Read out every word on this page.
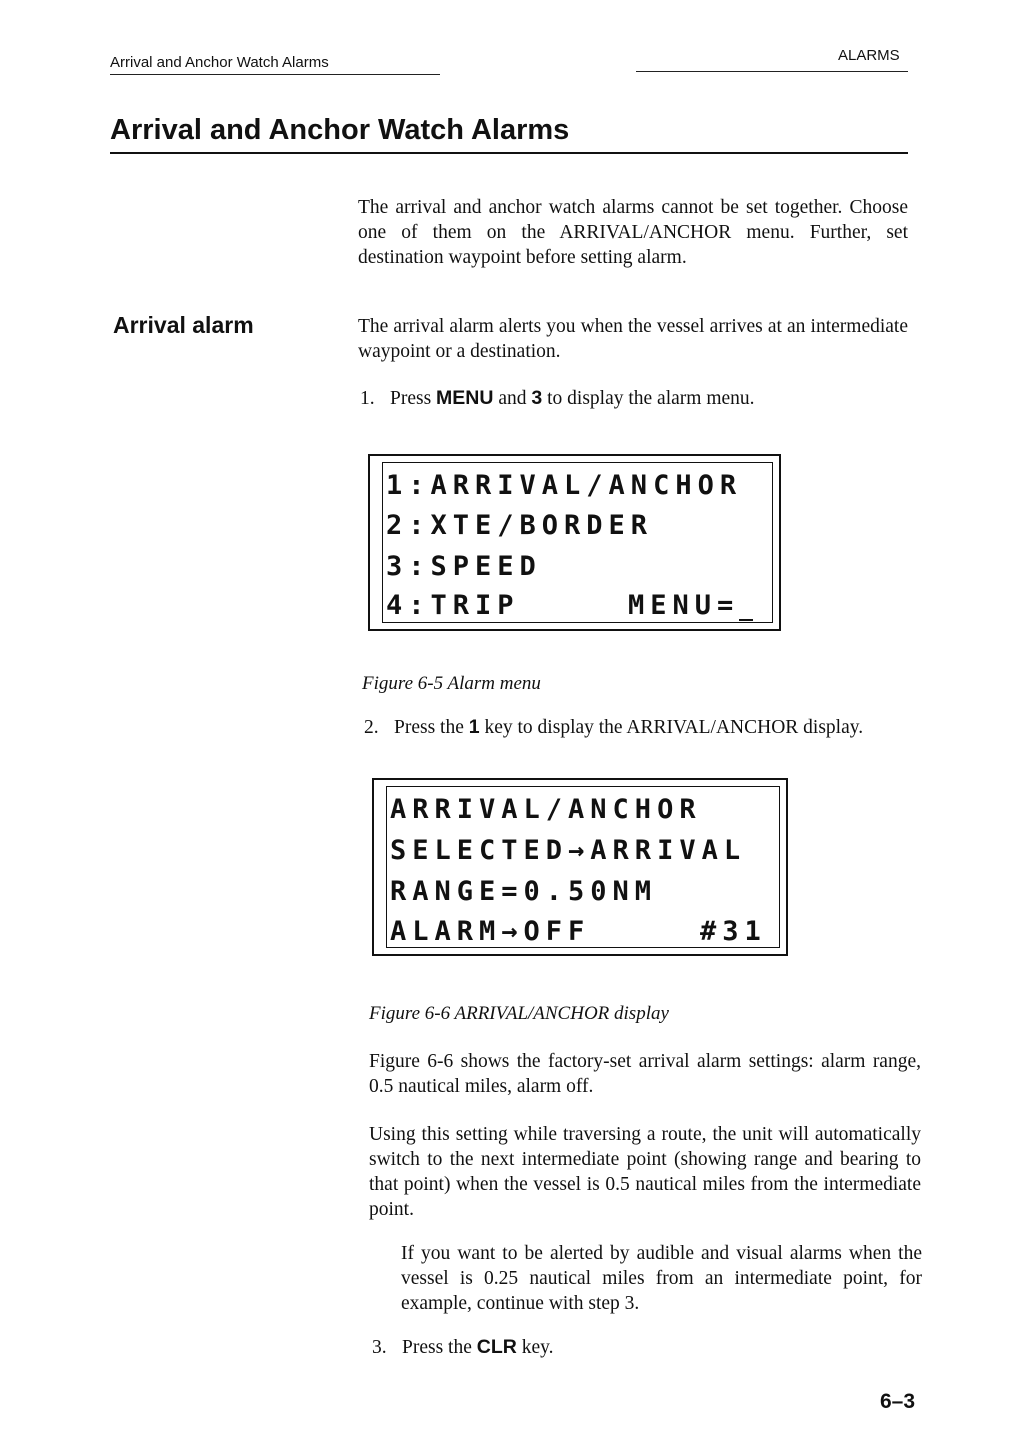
Arrival and Anchor Watch Alarms	ALARMS
Arrival and Anchor Watch Alarms
The arrival and anchor watch alarms cannot be set together. Choose one of them on the ARRIVAL/ANCHOR menu. Further, set destination waypoint before setting alarm.
Arrival alarm	The arrival alarm alerts you when the vessel arrives at an intermediate waypoint or a destination.
1. Press MENU and 3 to display the alarm menu.
1:ARRIVAL/ANCHOR
2:XTE/BORDER
3:SPEED
4:TRIP	MENU=
Figure 6-5 Alarm menu
2. Press the 1 key to display the ARRIVAL/ANCHOR display.
ARRIVAL/ANCHOR
SELECTED→ARRIVAL
RANGE=0.50NM
ALARM→OFF	#31
Figure 6-6 ARRIVAL/ANCHOR display
Figure 6-6 shows the factory-set arrival alarm settings: alarm range, 0.5 nautical miles, alarm off.
Using this setting while traversing a route, the unit will automatically switch to the next intermediate point (showing range and bearing to that point) when the vessel is 0.5 nautical miles from the intermediate point.
If you want to be alerted by audible and visual alarms when the vessel is 0.25 nautical miles from an intermediate point, for example, continue with step 3.
3. Press the CLR key.
6–3
